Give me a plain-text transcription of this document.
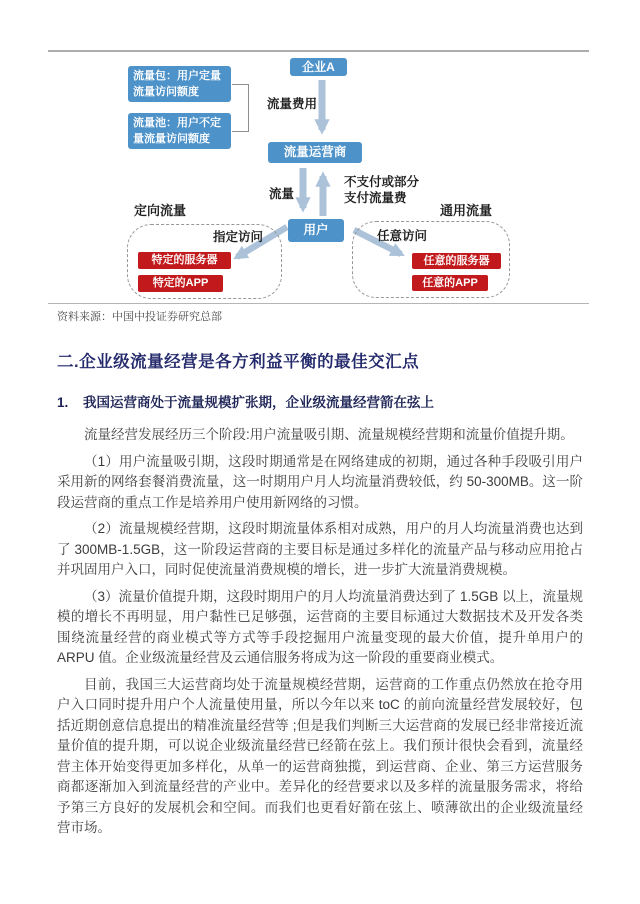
企业A
流量包：用户定量流量访问额度
流量池：用户不定量流量访问额度
流量运营商
用户
流量费用
流量
不支付或部分支付流量费
定向流量	通用流量
指定访问	任意访问
特定的服务器
特定的APP
任意的服务器
任意的APP
资料来源：中国中投证券研究总部
二.企业级流量经营是各方利益平衡的最佳交汇点
1. 我国运营商处于流量规模扩张期，企业级流量经营箭在弦上

流量经营发展经历三个阶段:用户流量吸引期、流量规模经营期和流量价值提升期。

（1）用户流量吸引期，这段时期通常是在网络建成的初期，通过各种手段吸引用户采用新的网络套餐消费流量，这一时期用户月人均流量消费较低，约 50-300MB。这一阶段运营商的重点工作是培养用户使用新网络的习惯。

（2）流量规模经营期，这段时期流量体系相对成熟，用户的月人均流量消费也达到了 300MB-1.5GB，这一阶段运营商的主要目标是通过多样化的流量产品与移动应用抢占并巩固用户入口，同时促使流量消费规模的增长，进一步扩大流量消费规模。

（3）流量价值提升期，这段时期用户的月人均流量消费达到了 1.5GB 以上，流量规模的增长不再明显，用户黏性已足够强，运营商的主要目标通过大数据技术及开发各类围绕流量经营的商业模式等方式等手段挖掘用户流量变现的最大价值，提升单用户的 ARPU 值。企业级流量经营及云通信服务将成为这一阶段的重要商业模式。

目前，我国三大运营商均处于流量规模经营期，运营商的工作重点仍然放在抢夺用户入口同时提升用户个人流量使用量，所以今年以来 toC 的前向流量经营发展较好，包括近期创意信息提出的精准流量经营等 ;但是我们判断三大运营商的发展已经非常接近流量价值的提升期，可以说企业级流量经营已经箭在弦上。我们预计很快会看到，流量经营主体开始变得更加多样化，从单一的运营商独揽，到运营商、企业、第三方运营服务商都逐渐加入到流量经营的产业中。差异化的经营要求以及多样的流量服务需求，将给予第三方良好的发展机会和空间。而我们也更看好箭在弦上、喷薄欲出的企业级流量经营市场。
